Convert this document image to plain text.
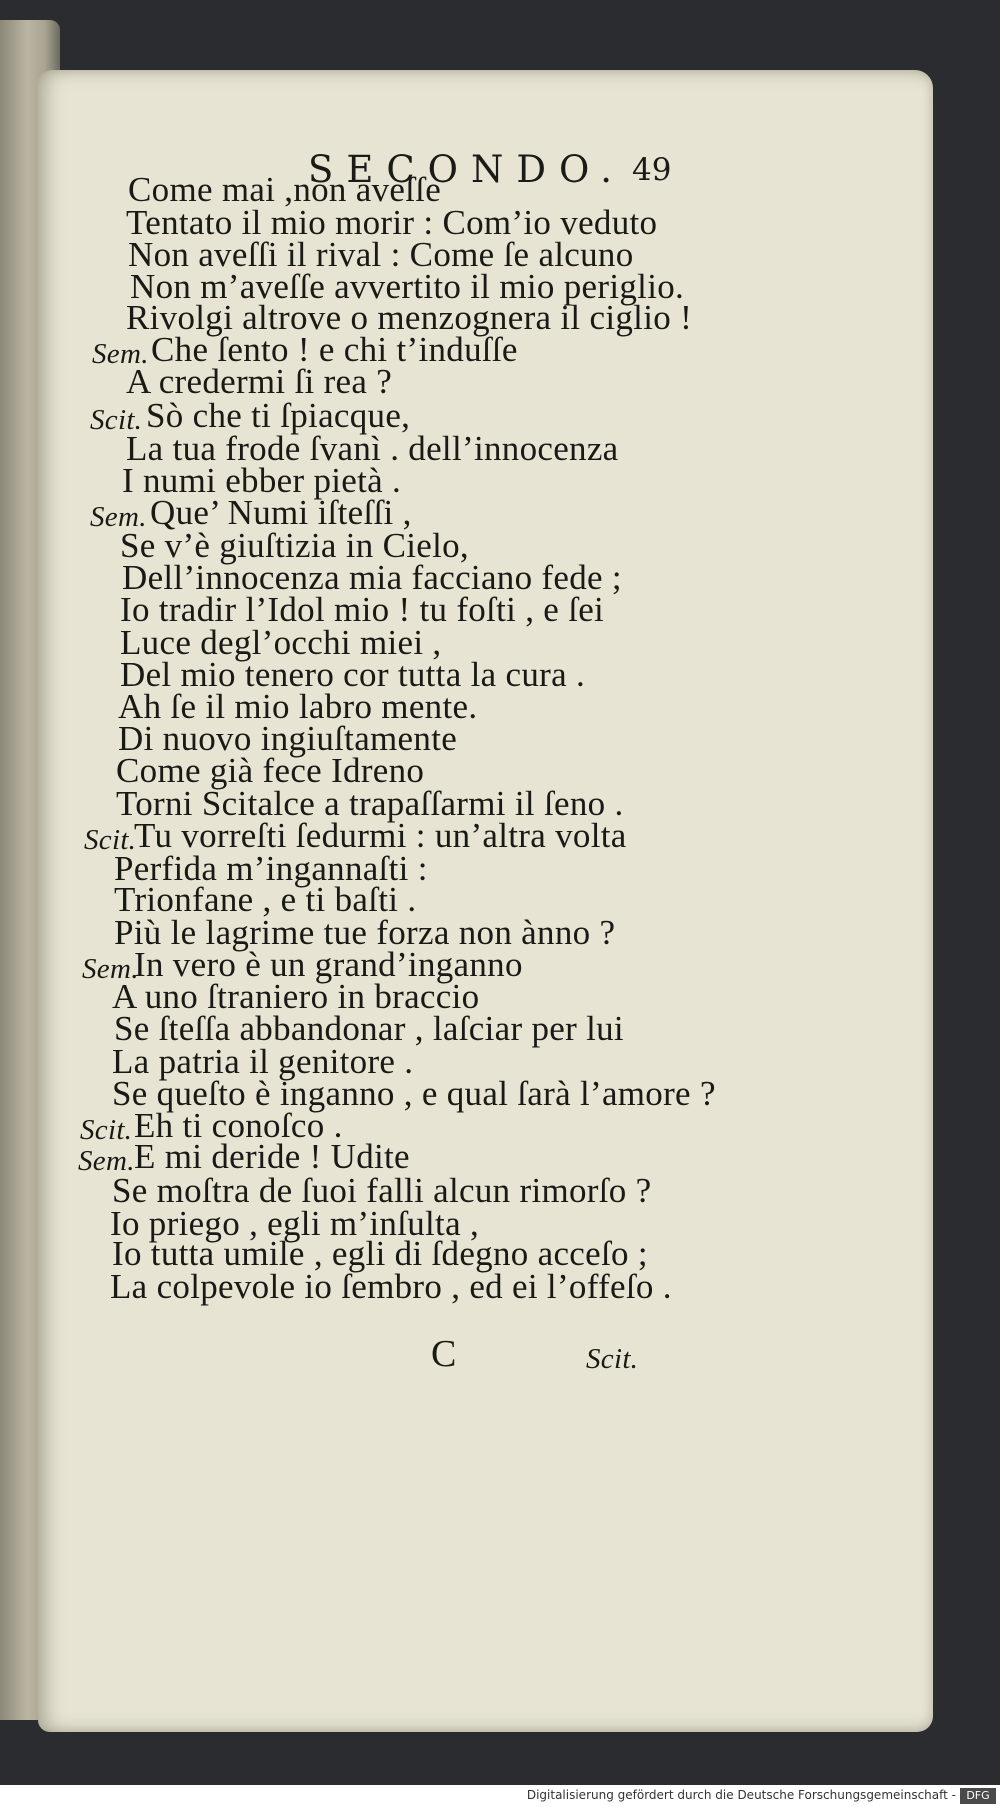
SECONDO. 49
Come mai ,non aveſſe
Tentato il mio morir : Com’io veduto
Non aveſſi il rival : Come ſe alcuno
Non m’aveſſe avvertito il mio periglio.
Rivolgi altrove o menzognera il ciglio !
Sem. Che ſento ! e chi t’induſſe
A credermi ſi rea ?
Scit. Sò che ti ſpiacque,
La tua frode ſvanì . dell’innocenza
I numi ebber pietà .
Sem. Que’ Numi iſteſſi ,
Se v’è giuſtizia in Cielo,
Dell’innocenza mia facciano fede ;
Io tradir l’Idol mio ! tu foſti , e ſei
Luce degl’occhi miei ,
Del mio tenero cor tutta la cura .
Ah ſe il mio labro mente.
Di nuovo ingiuſtamente
Come già fece Idreno
Torni Scitalce a trapaſſarmi il ſeno .
Scit.
Tu vorreſti ſedurmi : un’altra volta
Perfida m’ingannaſti :
Trionfane , e ti baſti .
Più le lagrime tue forza non ànno ?
Sem.
In vero è un grand’inganno
A uno ſtraniero in braccio
Se ſteſſa abbandonar , laſciar per lui
La patria il genitore .
Se queſto è inganno , e qual ſarà l’amore ?
Scit. Eh ti conoſco .
Sem. E mi deride ! Udite
Se moſtra de ſuoi falli alcun rimorſo ?
Io priego , egli m’inſulta ,
Io tutta umile , egli di ſdegno acceſo ;
La colpevole io ſembro , ed ei l’offeſo .
C	Scit.
Digitalisierung gefördert durch die Deutsche Forschungsgemeinschaft - DFG
